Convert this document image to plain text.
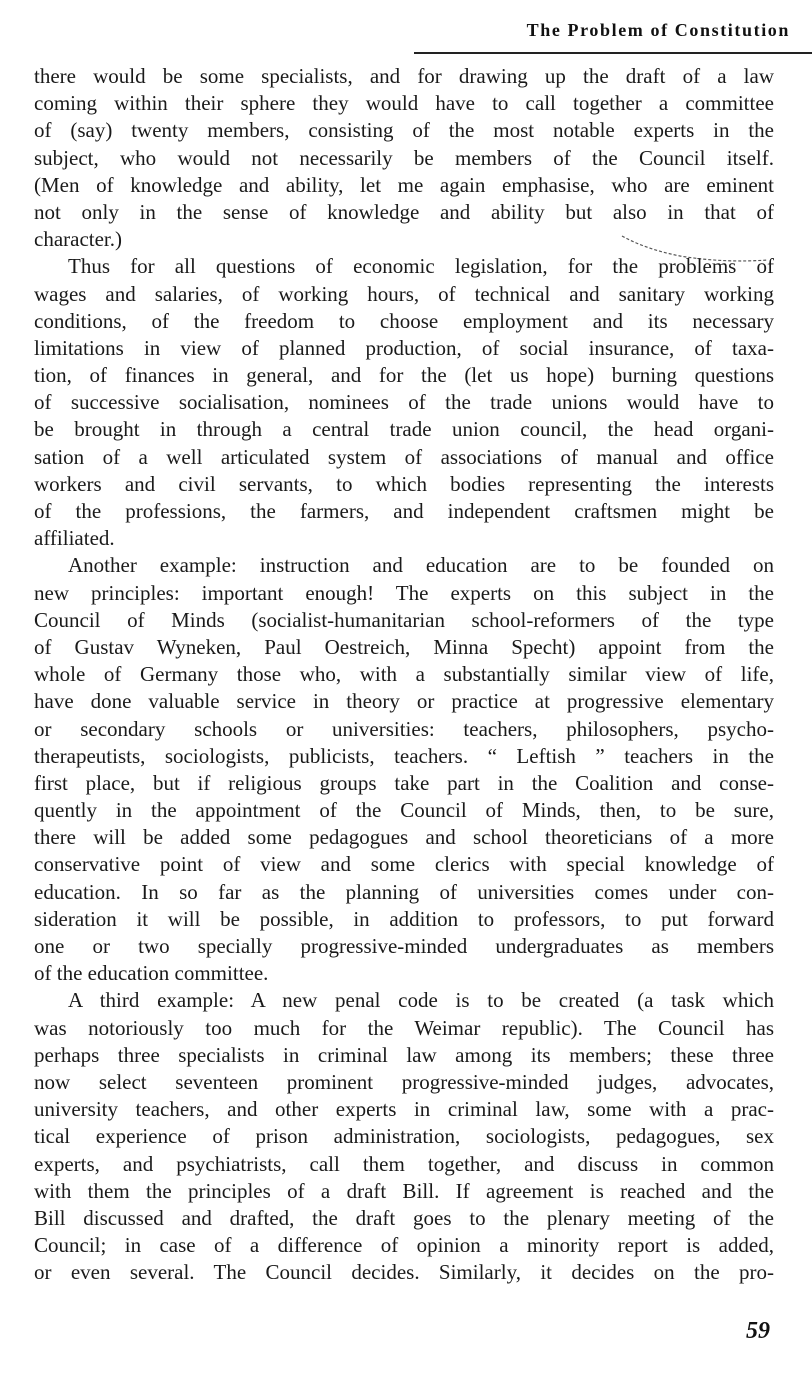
The Problem of Constitution
there would be some specialists, and for drawing up the draft of a law
coming within their sphere they would have to call together a committee
of (say) twenty members, consisting of the most notable experts in the
subject, who would not necessarily be members of the Council itself.
(Men of knowledge and ability, let me again emphasise, who are eminent
not only in the sense of knowledge and ability but also in that of
character.)
Thus for all questions of economic legislation, for the problems of
wages and salaries, of working hours, of technical and sanitary working
conditions, of the freedom to choose employment and its necessary
limitations in view of planned production, of social insurance, of taxa-
tion, of finances in general, and for the (let us hope) burning questions
of successive socialisation, nominees of the trade unions would have to
be brought in through a central trade union council, the head organi-
sation of a well articulated system of associations of manual and office
workers and civil servants, to which bodies representing the interests
of the professions, the farmers, and independent craftsmen might be
affiliated.
Another example: instruction and education are to be founded on
new principles: important enough! The experts on this subject in the
Council of Minds (socialist-humanitarian school-reformers of the type
of Gustav Wyneken, Paul Oestreich, Minna Specht) appoint from the
whole of Germany those who, with a substantially similar view of life,
have done valuable service in theory or practice at progressive elementary
or secondary schools or universities: teachers, philosophers, psycho-
therapeutists, sociologists, publicists, teachers. “ Leftish ” teachers in the
first place, but if religious groups take part in the Coalition and conse-
quently in the appointment of the Council of Minds, then, to be sure,
there will be added some pedagogues and school theoreticians of a more
conservative point of view and some clerics with special knowledge of
education. In so far as the planning of universities comes under con-
sideration it will be possible, in addition to professors, to put forward
one or two specially progressive-minded undergraduates as members
of the education committee.
A third example: A new penal code is to be created (a task which
was notoriously too much for the Weimar republic). The Council has
perhaps three specialists in criminal law among its members; these three
now select seventeen prominent progressive-minded judges, advocates,
university teachers, and other experts in criminal law, some with a prac-
tical experience of prison administration, sociologists, pedagogues, sex
experts, and psychiatrists, call them together, and discuss in common
with them the principles of a draft Bill. If agreement is reached and the
Bill discussed and drafted, the draft goes to the plenary meeting of the
Council; in case of a difference of opinion a minority report is added,
or even several. The Council decides. Similarly, it decides on the pro-
59
